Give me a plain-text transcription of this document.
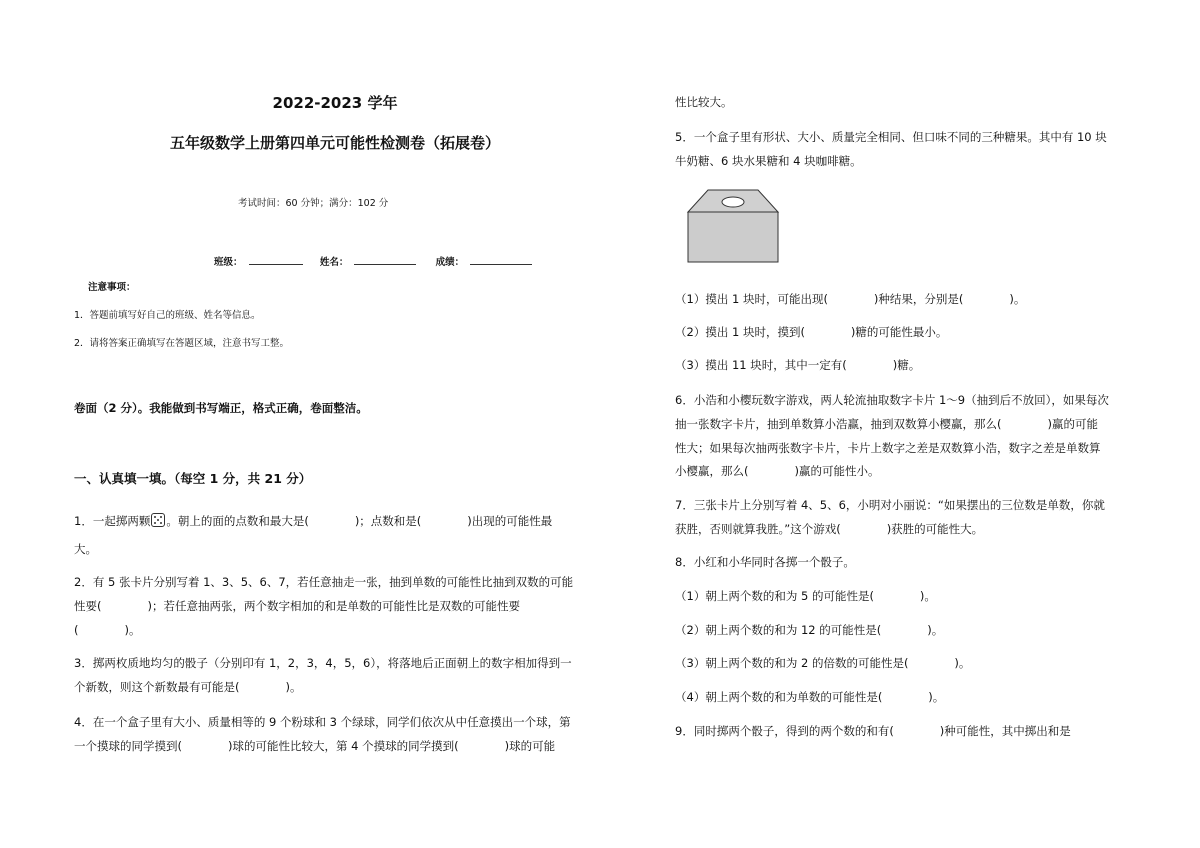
2022-2023 学年
五年级数学上册第四单元可能性检测卷（拓展卷）
考试时间：60 分钟；满分：102 分
班级：	姓名：	成绩：
注意事项：
1．答题前填写好自己的班级、姓名等信息。
2．请将答案正确填写在答题区域，注意书写工整。
卷面（2 分）。我能做到书写端正，格式正确，卷面整洁。
一、认真填一填。（每空 1 分，共 21 分）
1．一起掷两颗 。朝上的面的点数和最大是(　　　　)；点数和是(　　　　)出现的可能性最
大。
2．有 5 张卡片分别写着 1、3、5、6、7，若任意抽走一张，抽到单数的可能性比抽到双数的可能
性要(　　　　)；若任意抽两张，两个数字相加的和是单数的可能性比是双数的可能性要
(　　　　)。
3．掷两枚质地均匀的骰子（分别印有 1，2，3，4，5，6），将落地后正面朝上的数字相加得到一
个新数，则这个新数最有可能是(　　　　)。
4．在一个盒子里有大小、质量相等的 9 个粉球和 3 个绿球，同学们依次从中任意摸出一个球，第
一个摸球的同学摸到(　　　　)球的可能性比较大，第 4 个摸球的同学摸到(　　　　)球的可能
性比较大。
5．一个盒子里有形状、大小、质量完全相同、但口味不同的三种糖果。其中有 10 块
牛奶糖、6 块水果糖和 4 块咖啡糖。
（1）摸出 1 块时，可能出现(　　　　)种结果，分别是(　　　　)。
（2）摸出 1 块时，摸到(　　　　)糖的可能性最小。
（3）摸出 11 块时，其中一定有(　　　　)糖。
6．小浩和小樱玩数字游戏，两人轮流抽取数字卡片 1～9（抽到后不放回），如果每次
抽一张数字卡片，抽到单数算小浩赢，抽到双数算小樱赢，那么(　　　　)赢的可能
性大；如果每次抽两张数字卡片，卡片上数字之差是双数算小浩，数字之差是单数算
小樱赢，那么(　　　　)赢的可能性小。
7．三张卡片上分别写着 4、5、6，小明对小丽说：“如果摆出的三位数是单数，你就
获胜，否则就算我胜。”这个游戏(　　　　)获胜的可能性大。
8．小红和小华同时各掷一个骰子。
（1）朝上两个数的和为 5 的可能性是(　　　　)。
（2）朝上两个数的和为 12 的可能性是(　　　　)。
（3）朝上两个数的和为 2 的倍数的可能性是(　　　　)。
（4）朝上两个数的和为单数的可能性是(　　　　)。
9．同时掷两个骰子，得到的两个数的和有(　　　　)种可能性，其中掷出和是
